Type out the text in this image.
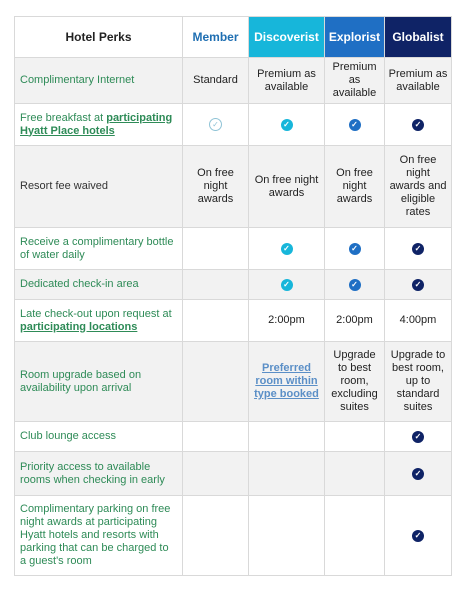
Hotel Perks	Member	Discoverist	Explorist	Globalist
Complimentary Internet	Standard	Premium as available	Premium as available	Premium as available
Free breakfast at participating Hyatt Place hotels	✓	✓	✓	✓
Resort fee waived	On free night awards	On free night awards	On free night awards	On free night awards and eligible rates
Receive a complimentary bottle of water daily		✓	✓	✓
Dedicated check-in area		✓	✓	✓
Late check-out upon request at participating locations		2:00pm	2:00pm	4:00pm
Room upgrade based on availability upon arrival		Preferred room within type booked	Upgrade to best room, excluding suites	Upgrade to best room, up to standard suites
Club lounge access				✓
Priority access to available rooms when checking in early				✓
Complimentary parking on free night awards at participating Hyatt hotels and resorts with parking that can be charged to a guest's room				✓
